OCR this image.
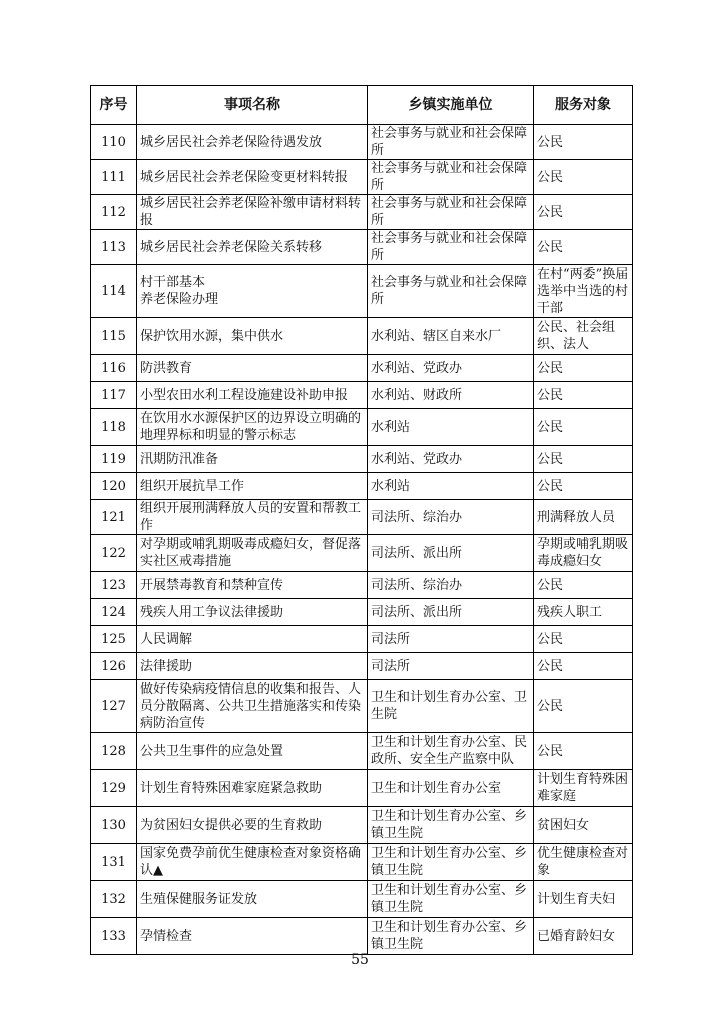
序号	事项名称	乡镇实施单位	服务对象
110	城乡居民社会养老保险待遇发放	社会事务与就业和社会保障所	公民
111	城乡居民社会养老保险变更材料转报	社会事务与就业和社会保障所	公民
112	城乡居民社会养老保险补缴申请材料转报	社会事务与就业和社会保障所	公民
113	城乡居民社会养老保险关系转移	社会事务与就业和社会保障所	公民
114	村干部基本
养老保险办理	社会事务与就业和社会保障所	在村“两委”换届选举中当选的村干部
115	保护饮用水源，集中供水	水利站、辖区自来水厂	公民、社会组织、法人
116	防洪教育	水利站、党政办	公民
117	小型农田水利工程设施建设补助申报	水利站、财政所	公民
118	在饮用水水源保护区的边界设立明确的地理界标和明显的警示标志	水利站	公民
119	汛期防汛准备	水利站、党政办	公民
120	组织开展抗旱工作	水利站	公民
121	组织开展刑满释放人员的安置和帮教工作	司法所、综治办	刑满释放人员
122	对孕期或哺乳期吸毒成瘾妇女，督促落实社区戒毒措施	司法所、派出所	孕期或哺乳期吸毒成瘾妇女
123	开展禁毒教育和禁种宣传	司法所、综治办	公民
124	残疾人用工争议法律援助	司法所、派出所	残疾人职工
125	人民调解	司法所	公民
126	法律援助	司法所	公民
127	做好传染病疫情信息的收集和报告、人员分散隔离、公共卫生措施落实和传染病防治宣传	卫生和计划生育办公室、卫生院	公民
128	公共卫生事件的应急处置	卫生和计划生育办公室、民政所、安全生产监察中队	公民
129	计划生育特殊困难家庭紧急救助	卫生和计划生育办公室	计划生育特殊困难家庭
130	为贫困妇女提供必要的生育救助	卫生和计划生育办公室、乡镇卫生院	贫困妇女
131	国家免费孕前优生健康检查对象资格确认▲	卫生和计划生育办公室、乡镇卫生院	优生健康检查对象
132	生殖保健服务证发放	卫生和计划生育办公室、乡镇卫生院	计划生育夫妇
133	孕情检查	卫生和计划生育办公室、乡镇卫生院	已婚育龄妇女
55
